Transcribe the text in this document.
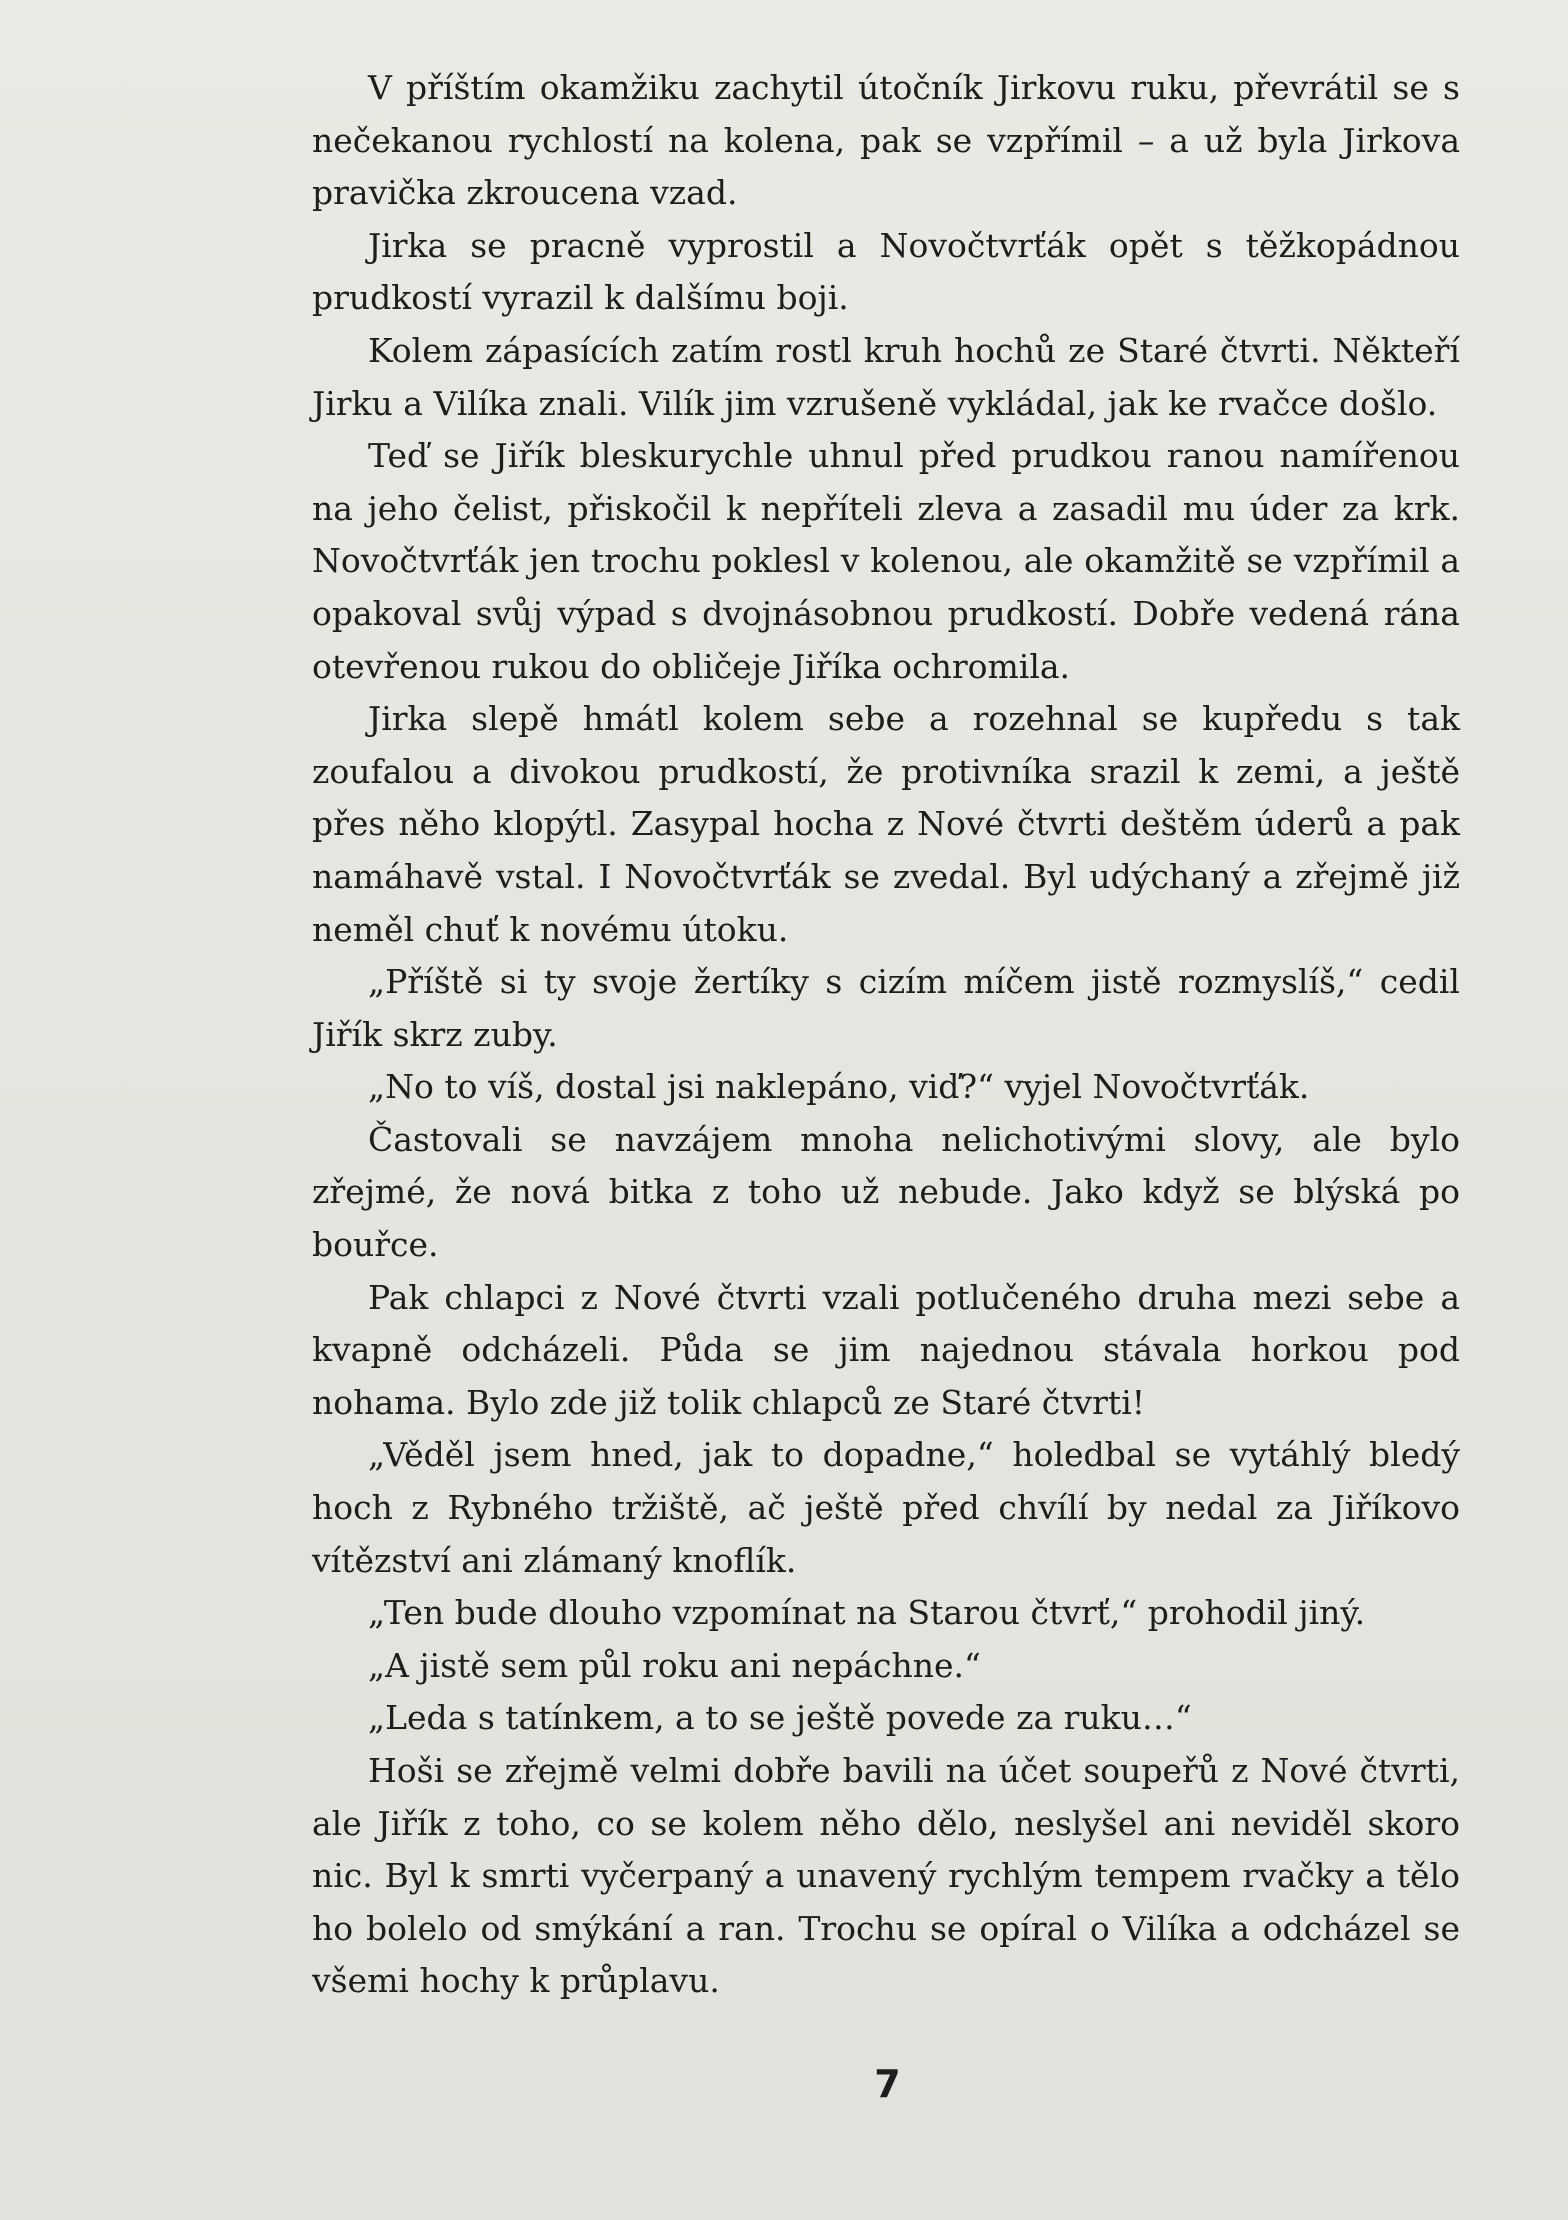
V příštím okamžiku zachytil útočník Jirkovu ruku, převrátil se s nečekanou rychlostí na kolena, pak se vzpřímil – a už byla Jirkova pravička zkroucena vzad.

Jirka se pracně vyprostil a Novočtvrťák opět s těžkopádnou prudkostí vyrazil k dalšímu boji.

Kolem zápasících zatím rostl kruh hochů ze Staré čtvrti. Někteří Jirku a Vilíka znali. Vilík jim vzrušeně vykládal, jak ke rvačce došlo.

Teď se Jiřík bleskurychle uhnul před prudkou ranou namířenou na jeho čelist, přiskočil k nepříteli zleva a zasadil mu úder za krk. Novočtvrťák jen trochu poklesl v kolenou, ale okamžitě se vzpřímil a opakoval svůj výpad s dvojnásobnou prudkostí. Dobře vedená rána otevřenou rukou do obličeje Jiříka ochromila.

Jirka slepě hmátl kolem sebe a rozehnal se kupředu s tak zoufalou a divokou prudkostí, že protivníka srazil k zemi, a ještě přes něho klopýtl. Zasypal hocha z Nové čtvrti deštěm úderů a pak namáhavě vstal. I Novočtvrťák se zvedal. Byl udýchaný a zřejmě již neměl chuť k novému útoku.

„Příště si ty svoje žertíky s cizím míčem jistě rozmyslíš,“ cedil Jiřík skrz zuby.

„No to víš, dostal jsi naklepáno, viď?“ vyjel Novočtvrťák.

Častovali se navzájem mnoha nelichotivými slovy, ale bylo zřejmé, že nová bitka z toho už nebude. Jako když se blýská po bouřce.

Pak chlapci z Nové čtvrti vzali potlučeného druha mezi sebe a kvapně odcházeli. Půda se jim najednou stávala horkou pod nohama. Bylo zde již tolik chlapců ze Staré čtvrti!

„Věděl jsem hned, jak to dopadne,“ holedbal se vytáhlý bledý hoch z Rybného tržiště, ač ještě před chvílí by nedal za Jiříkovo vítězství ani zlámaný knoflík.

„Ten bude dlouho vzpomínat na Starou čtvrť,“ prohodil jiný.

„A jistě sem půl roku ani nepáchne.“

„Leda s tatínkem, a to se ještě povede za ruku…“

Hoši se zřejmě velmi dobře bavili na účet soupeřů z Nové čtvrti, ale Jiřík z toho, co se kolem něho dělo, neslyšel ani neviděl skoro nic. Byl k smrti vyčerpaný a unavený rychlým tempem rvačky a tělo ho bolelo od smýkání a ran. Trochu se opíral o Vilíka a odcházel se všemi hochy k průplavu.

7
